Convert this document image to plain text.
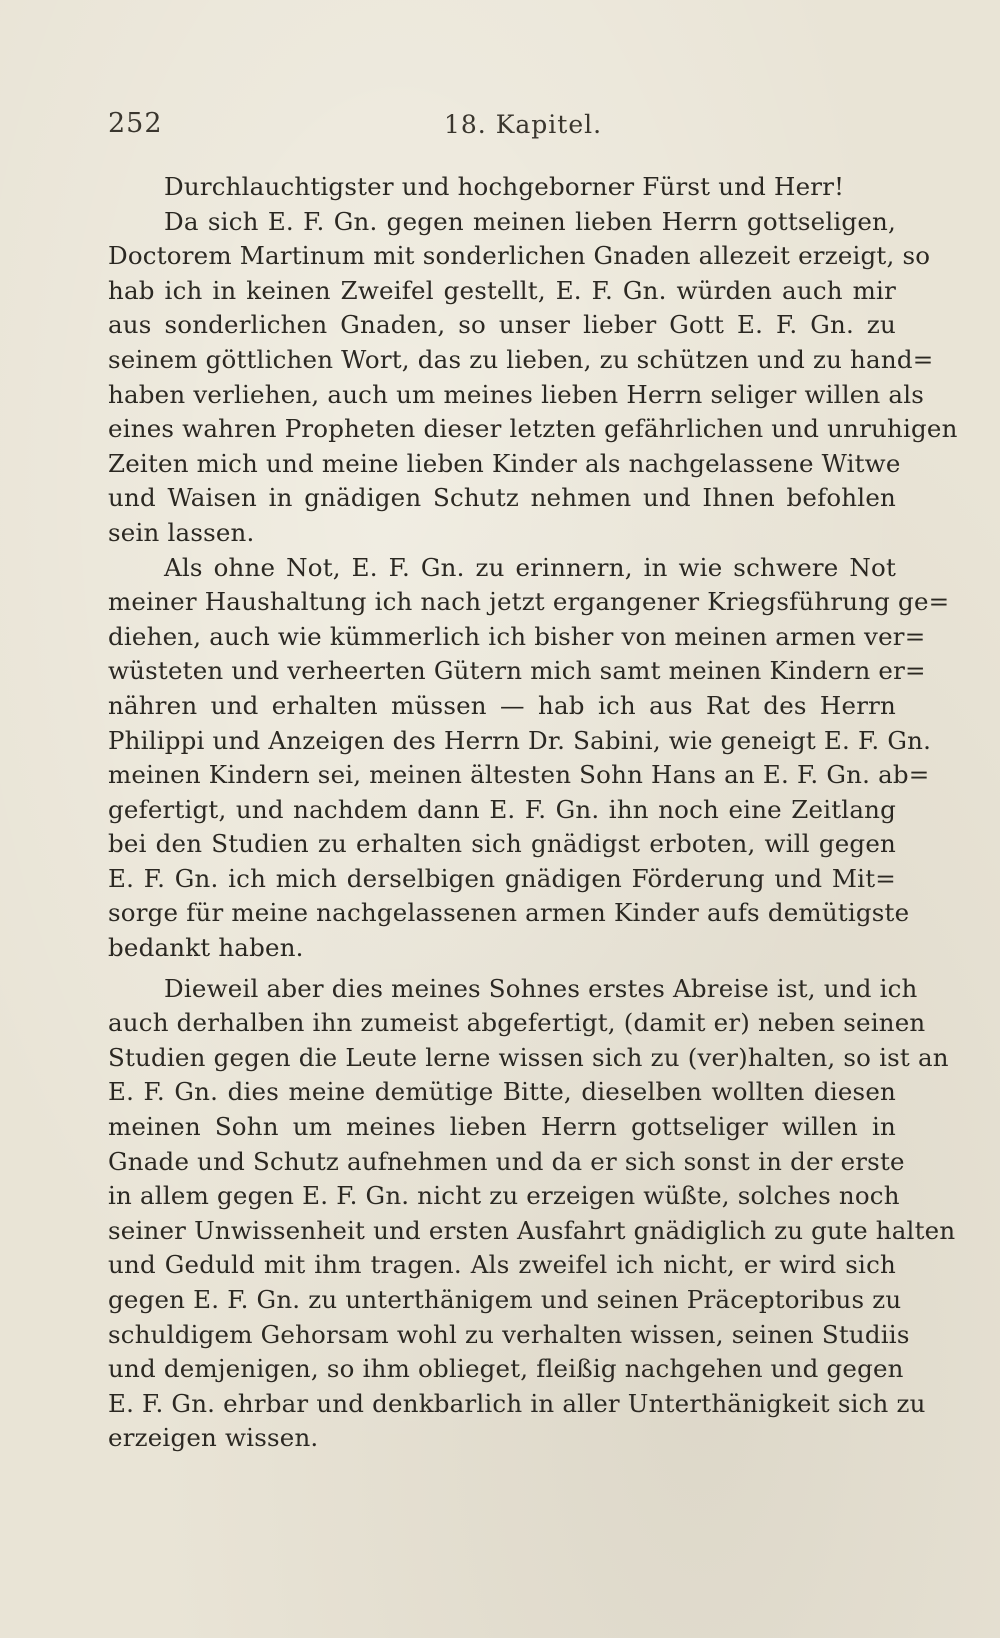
252	18. Kapitel.
Durchlauchtigster und hochgeborner Fürst und Herr!
Da sich E. F. Gn. gegen meinen lieben Herrn gottseligen,
Doctorem Martinum mit sonderlichen Gnaden allezeit erzeigt, so
hab ich in keinen Zweifel gestellt, E. F. Gn. würden auch mir
aus sonderlichen Gnaden, so unser lieber Gott E. F. Gn. zu
seinem göttlichen Wort, das zu lieben, zu schützen und zu hand=
haben verliehen, auch um meines lieben Herrn seliger willen als
eines wahren Propheten dieser letzten gefährlichen und unruhigen
Zeiten mich und meine lieben Kinder als nachgelassene Witwe
und Waisen in gnädigen Schutz nehmen und Ihnen befohlen
sein lassen.
Als ohne Not, E. F. Gn. zu erinnern, in wie schwere Not
meiner Haushaltung ich nach jetzt ergangener Kriegsführung ge=
diehen, auch wie kümmerlich ich bisher von meinen armen ver=
wüsteten und verheerten Gütern mich samt meinen Kindern er=
nähren und erhalten müssen — hab ich aus Rat des Herrn
Philippi und Anzeigen des Herrn Dr. Sabini, wie geneigt E. F. Gn.
meinen Kindern sei, meinen ältesten Sohn Hans an E. F. Gn. ab=
gefertigt, und nachdem dann E. F. Gn. ihn noch eine Zeitlang
bei den Studien zu erhalten sich gnädigst erboten, will gegen
E. F. Gn. ich mich derselbigen gnädigen Förderung und Mit=
sorge für meine nachgelassenen armen Kinder aufs demütigste
bedankt haben.
Dieweil aber dies meines Sohnes erstes Abreise ist, und ich
auch derhalben ihn zumeist abgefertigt, (damit er) neben seinen
Studien gegen die Leute lerne wissen sich zu (ver)halten, so ist an
E. F. Gn. dies meine demütige Bitte, dieselben wollten diesen
meinen Sohn um meines lieben Herrn gottseliger willen in
Gnade und Schutz aufnehmen und da er sich sonst in der erste
in allem gegen E. F. Gn. nicht zu erzeigen wüßte, solches noch
seiner Unwissenheit und ersten Ausfahrt gnädiglich zu gute halten
und Geduld mit ihm tragen. Als zweifel ich nicht, er wird sich
gegen E. F. Gn. zu unterthänigem und seinen Präceptoribus zu
schuldigem Gehorsam wohl zu verhalten wissen, seinen Studiis
und demjenigen, so ihm oblieget, fleißig nachgehen und gegen
E. F. Gn. ehrbar und denkbarlich in aller Unterthänigkeit sich zu
erzeigen wissen.
